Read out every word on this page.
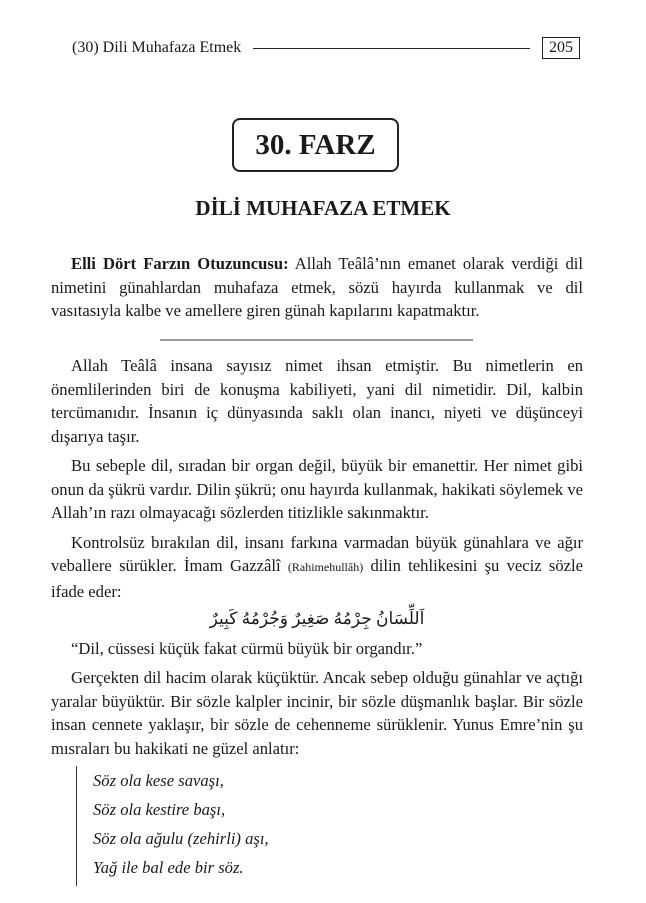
(30) Dili Muhafaza Etmek	205
30. FARZ
DİLİ MUHAFAZA ETMEK

Elli Dört Farzın Otuzuncusu: Allah Teâlâ’nın emanet olarak verdiği dil nimetini günahlardan muhafaza etmek, sözü hayırda kullanmak ve dil vasıtasıyla kalbe ve amellere giren günah kapılarını kapatmaktır.

Allah Teâlâ insana sayısız nimet ihsan etmiştir. Bu nimetlerin en önemlilerinden biri de konuşma kabiliyeti, yani dil nimetidir. Dil, kalbin tercümanıdır. İnsanın iç dünyasında saklı olan inancı, niyeti ve düşünceyi dışarıya taşır.

Bu sebeple dil, sıradan bir organ değil, büyük bir emanettir. Her nimet gibi onun da şükrü vardır. Dilin şükrü; onu hayırda kullanmak, hakikati söylemek ve Allah’ın razı olmayacağı sözlerden titizlikle sakınmaktır.

Kontrolsüz bırakılan dil, insanı farkına varmadan büyük günahlara ve ağır veballere sürükler. İmam Gazzâlî (Rahimehullâh) dilin tehlikesini şu veciz sözle ifade eder:

اَللِّسَانُ جِرْمُهُ صَغِيرٌ وَجُرْمُهُ كَبِيرٌ

“Dil, cüssesi küçük fakat cürmü büyük bir organdır.”

Gerçekten dil hacim olarak küçüktür. Ancak sebep olduğu günahlar ve açtığı yaralar büyüktür. Bir sözle kalpler incinir, bir sözle düşmanlık başlar. Bir sözle insan cennete yaklaşır, bir sözle de cehenneme sürüklenir. Yunus Emre’nin şu mısraları bu hakikati ne güzel anlatır:

Söz ola kese savaşı,
Söz ola kestire başı,
Söz ola ağulu (zehirli) aşı,
Yağ ile bal ede bir söz.
